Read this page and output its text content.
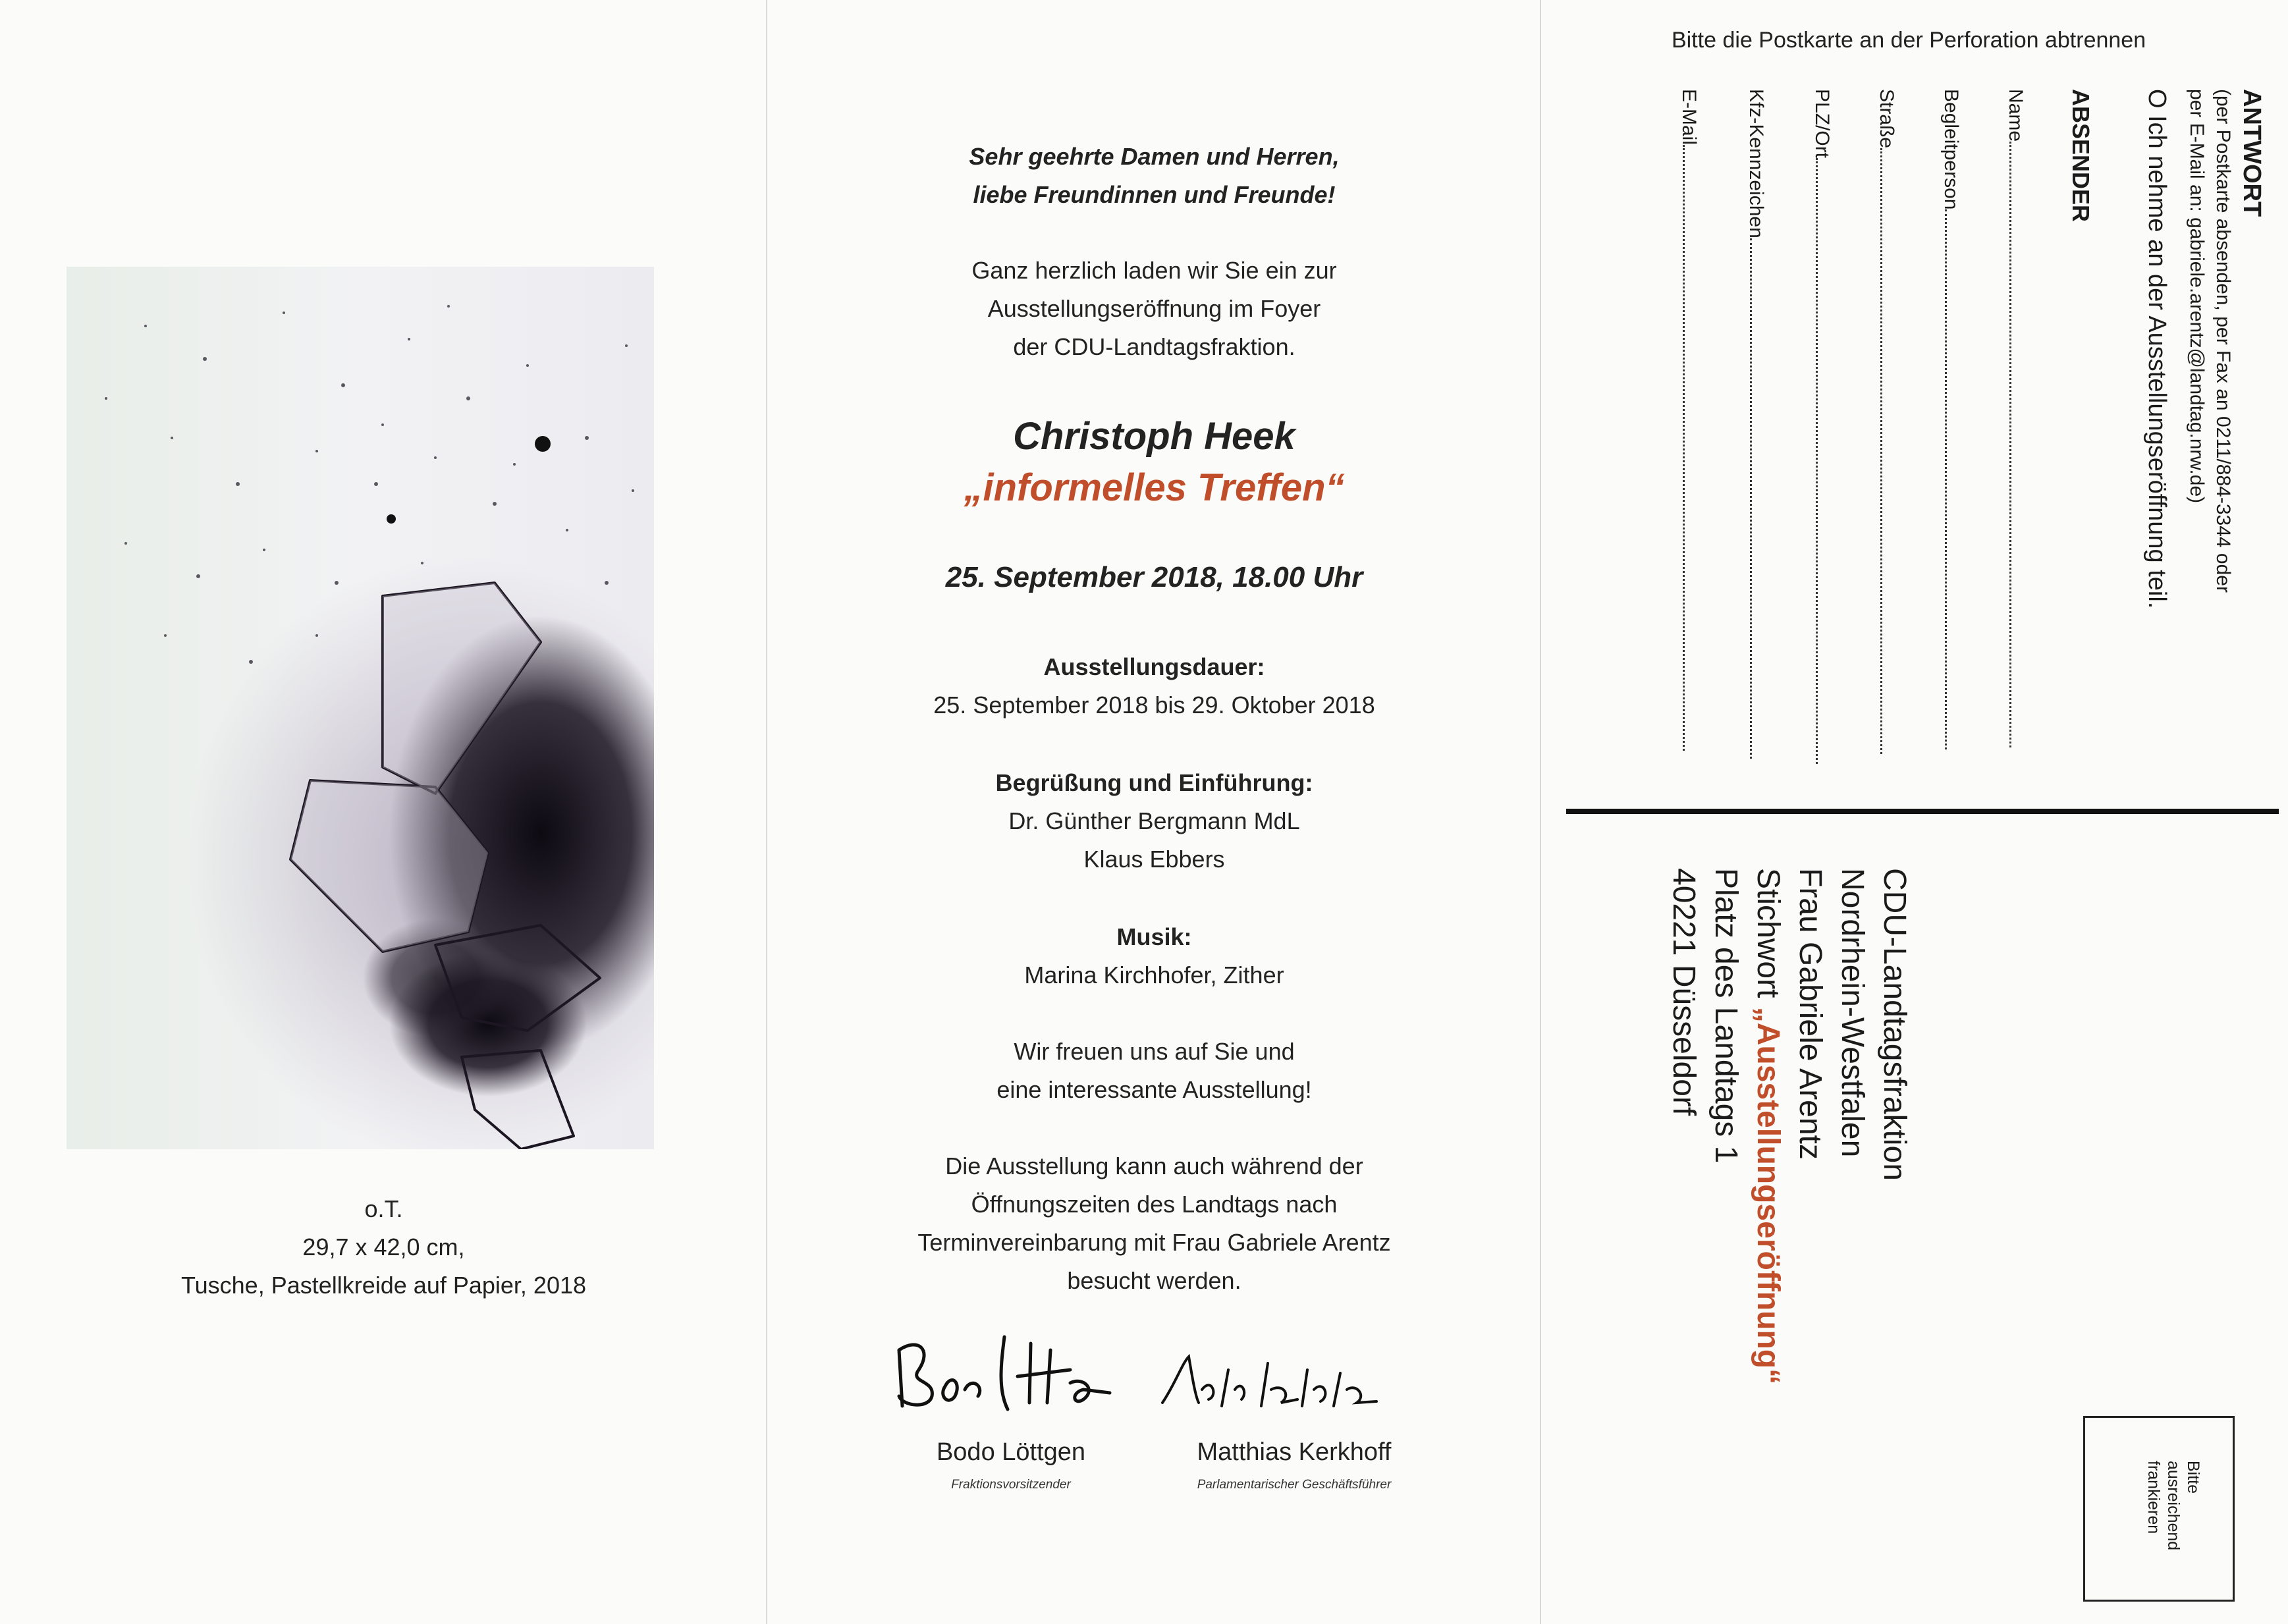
o.T.
29,7 x 42,0 cm,
Tusche, Pastellkreide auf Papier, 2018
Sehr geehrte Damen und Herren,
liebe Freundinnen und Freunde!
Ganz herzlich laden wir Sie ein zur
Ausstellungseröffnung im Foyer
der CDU-Landtagsfraktion.
Christoph Heek
„informelles Treffen“
25. September 2018, 18.00 Uhr
Ausstellungsdauer:
25. September 2018 bis 29. Oktober 2018
Begrüßung und Einführung:
Dr. Günther Bergmann MdL
Klaus Ebbers
Musik:
Marina Kirchhofer, Zither
Wir freuen uns auf Sie und
eine interessante Ausstellung!
Die Ausstellung kann auch während der
Öffnungszeiten des Landtags nach
Terminvereinbarung mit Frau Gabriele Arentz
besucht werden.
Bodo Löttgen
Fraktionsvorsitzender
Matthias Kerkhoff
Parlamentarischer Geschäftsführer
Bitte die Postkarte an der Perforation abtrennen
ANTWORT
(per Postkarte absenden, per Fax an 0211/884-3344 oder
per E-Mail an: gabriele.arentz@landtag.nrw.de)
O Ich nehme an der Ausstellungseröffnung teil.
ABSENDER
Name
Begleitperson
Straße
PLZ/Ort
Kfz-Kennzeichen
E-Mail
CDU-Landtagsfraktion
Nordrhein-Westfalen
Frau Gabriele Arentz
Stichwort „Ausstellungseröffnung“
Platz des Landtags 1
40221 Düsseldorf
Bitte
ausreichend
frankieren
